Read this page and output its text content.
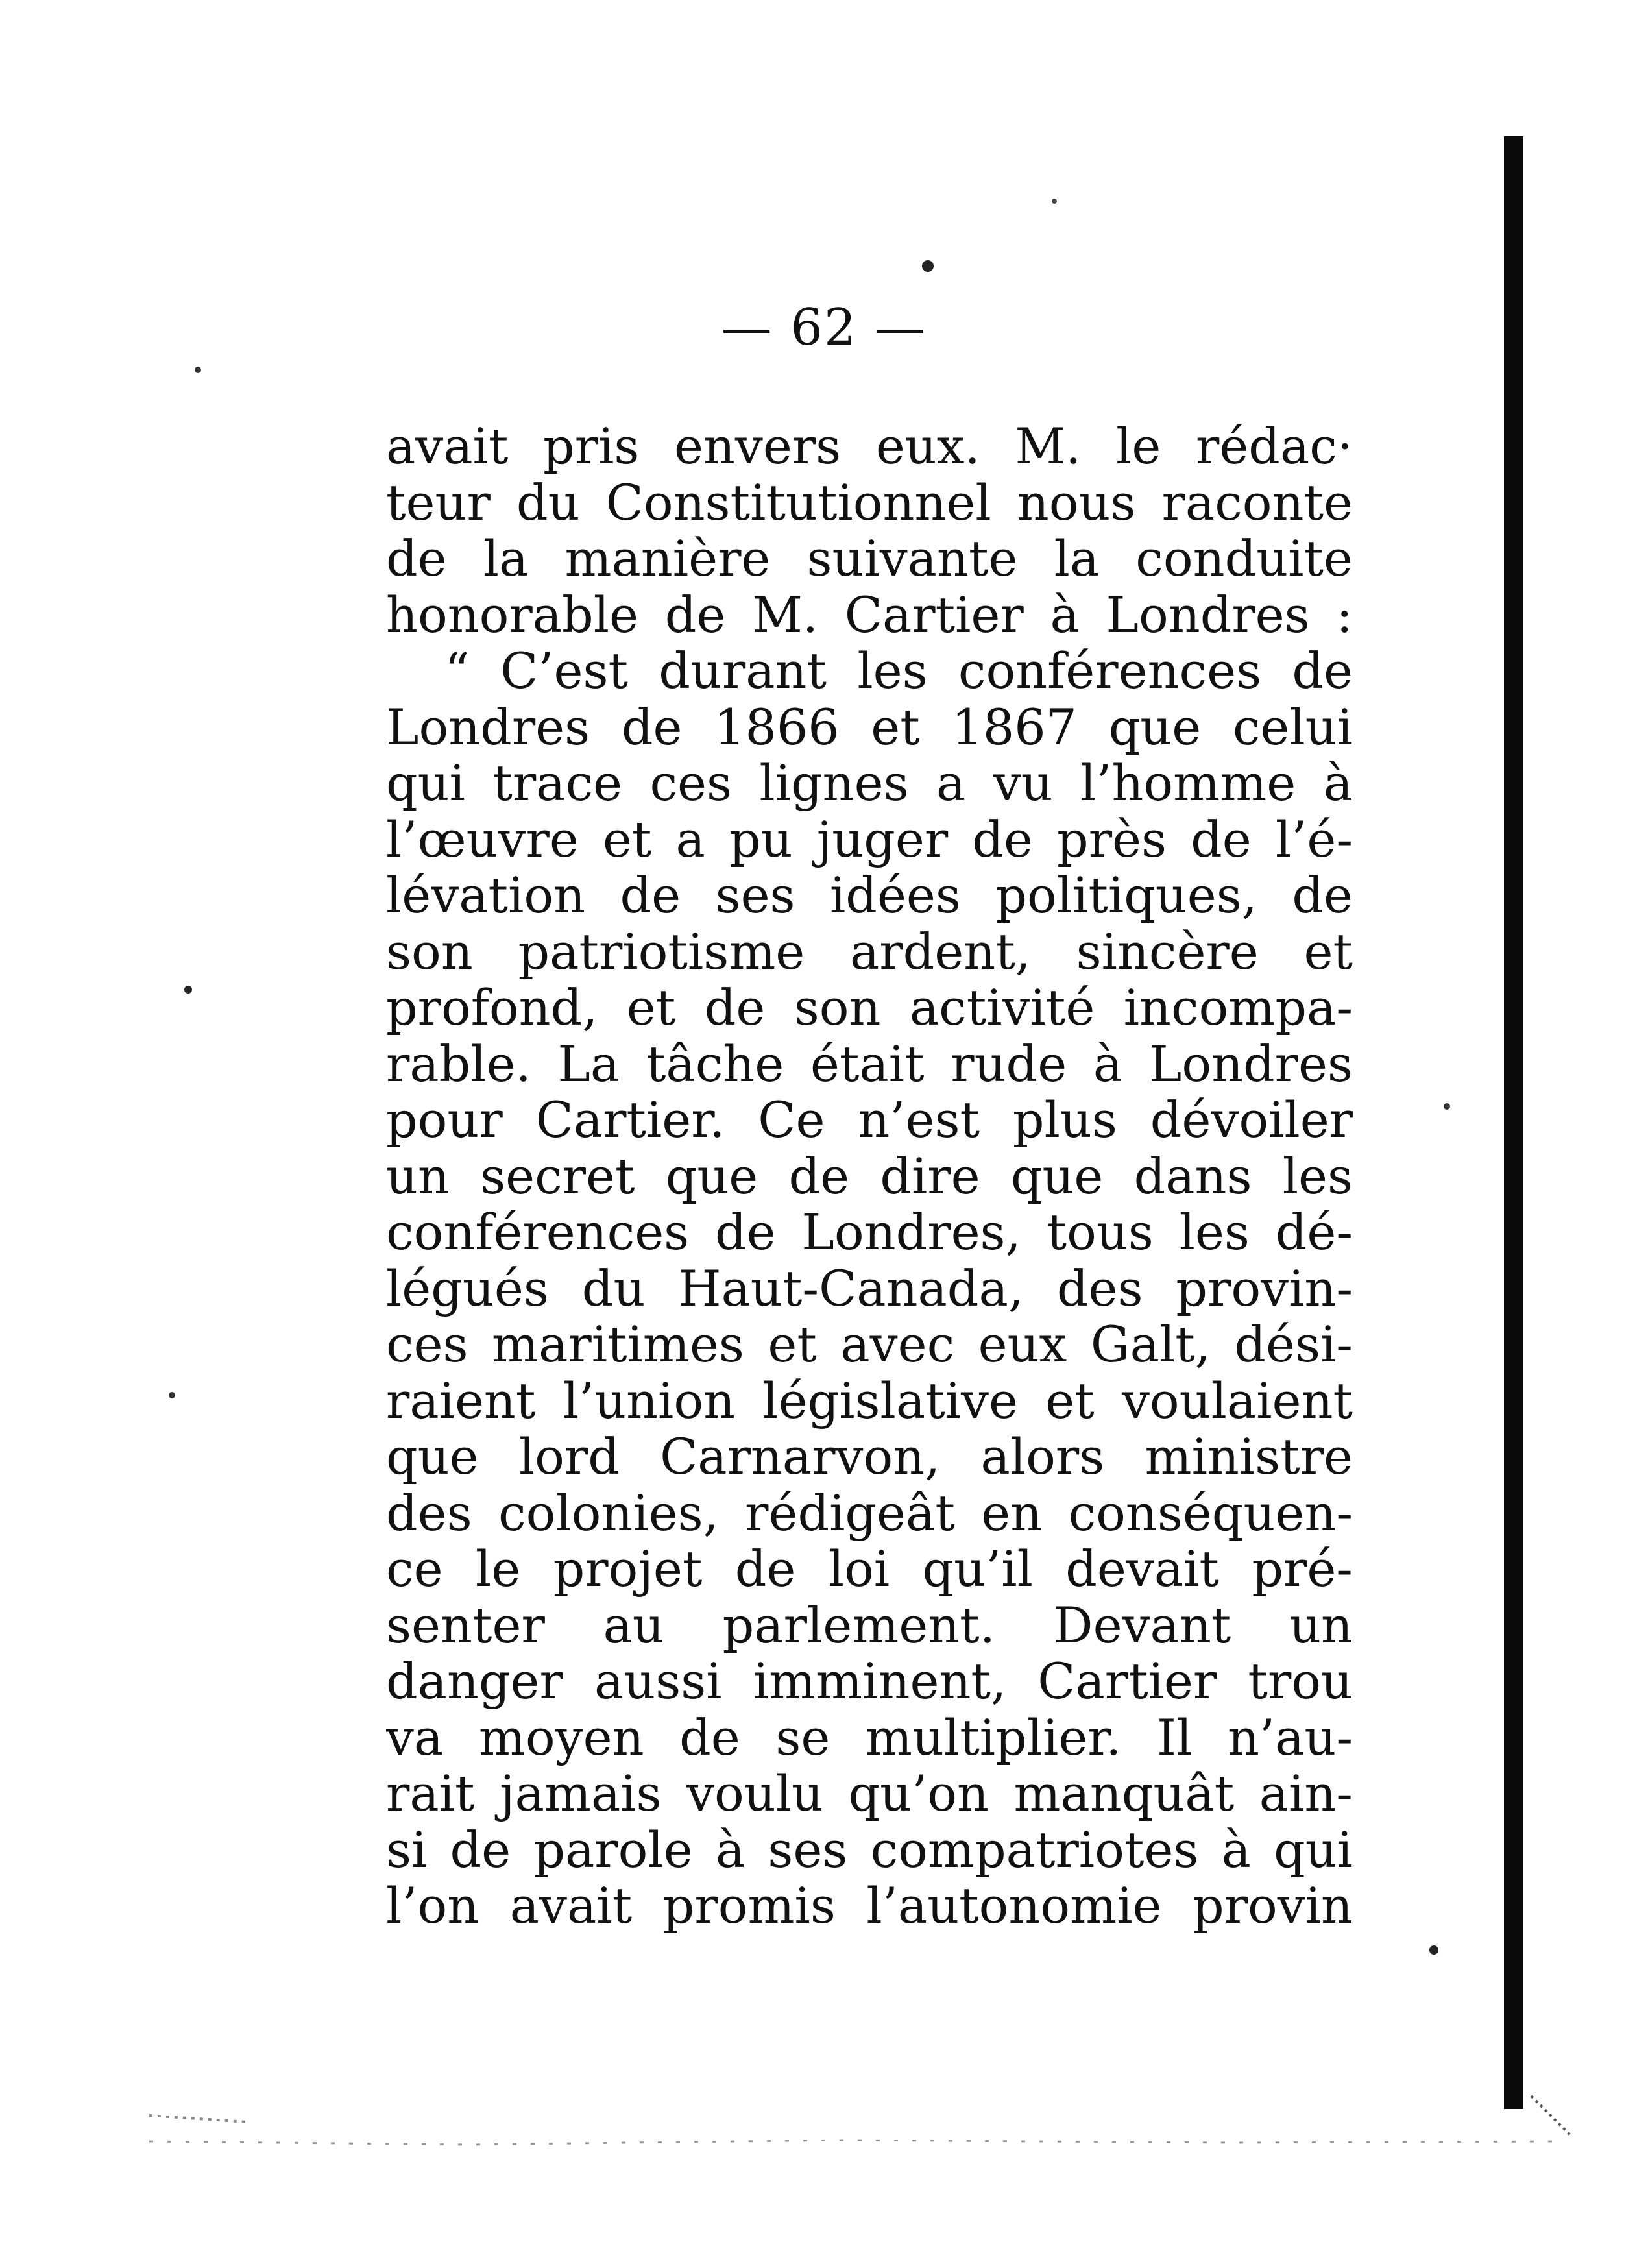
— 62 —
avait pris envers eux. M. le rédac·
teur du Constitutionnel nous raconte
de la manière suivante la conduite
honorable de M. Cartier à Londres :
“ C’est durant les conférences de
Londres de 1866 et 1867 que celui
qui trace ces lignes a vu l’homme à
l’œuvre et a pu juger de près de l’é-
lévation de ses idées politiques, de
son patriotisme ardent, sincère et
profond, et de son activité incompa-
rable. La tâche était rude à Londres
pour Cartier. Ce n’est plus dévoiler
un secret que de dire que dans les
conférences de Londres, tous les dé-
légués du Haut-Canada, des provin-
ces maritimes et avec eux Galt, dési-
raient l’union législative et voulaient
que lord Carnarvon, alors ministre
des colonies, rédigeât en conséquen-
ce le projet de loi qu’il devait pré-
senter au parlement. Devant un
danger aussi imminent, Cartier trou
va moyen de se multiplier. Il n’au-
rait jamais voulu qu’on manquât ain-
si de parole à ses compatriotes à qui
l’on avait promis l’autonomie provin
